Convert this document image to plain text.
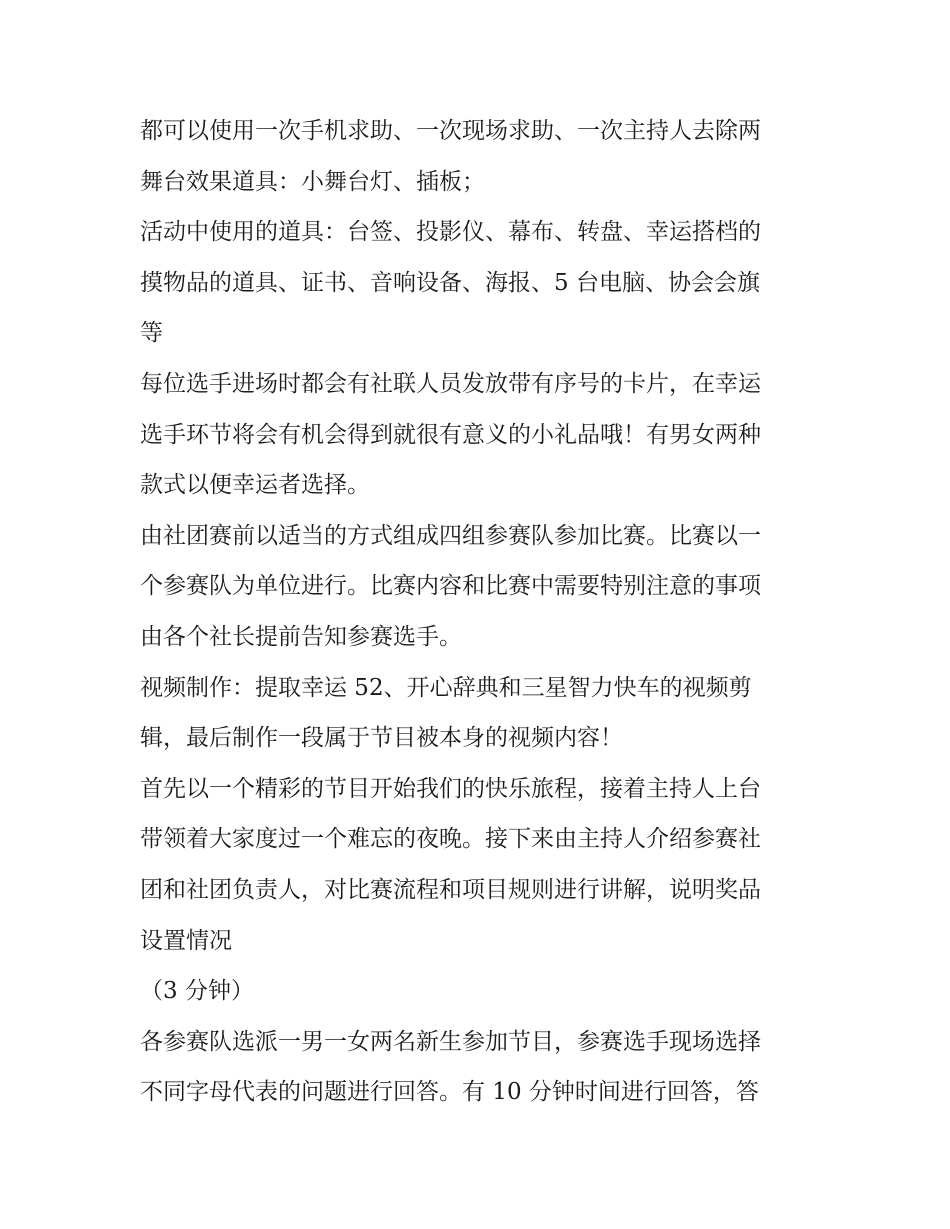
都可以使用一次手机求助、一次现场求助、一次主持人去除两
舞台效果道具：小舞台灯、插板；
活动中使用的道具：台签、投影仪、幕布、转盘、幸运搭档的
摸物品的道具、证书、音响设备、海报、5 台电脑、协会会旗
等
每位选手进场时都会有社联人员发放带有序号的卡片，在幸运
选手环节将会有机会得到就很有意义的小礼品哦！有男女两种
款式以便幸运者选择。
由社团赛前以适当的方式组成四组参赛队参加比赛。比赛以一
个参赛队为单位进行。比赛内容和比赛中需要特别注意的事项
由各个社长提前告知参赛选手。
视频制作：提取幸运 52、开心辞典和三星智力快车的视频剪
辑，最后制作一段属于节目被本身的视频内容！
首先以一个精彩的节目开始我们的快乐旅程，接着主持人上台
带领着大家度过一个难忘的夜晚。接下来由主持人介绍参赛社
团和社团负责人，对比赛流程和项目规则进行讲解，说明奖品
设置情况
（3 分钟）
各参赛队选派一男一女两名新生参加节目，参赛选手现场选择
不同字母代表的问题进行回答。有 10 分钟时间进行回答，答
